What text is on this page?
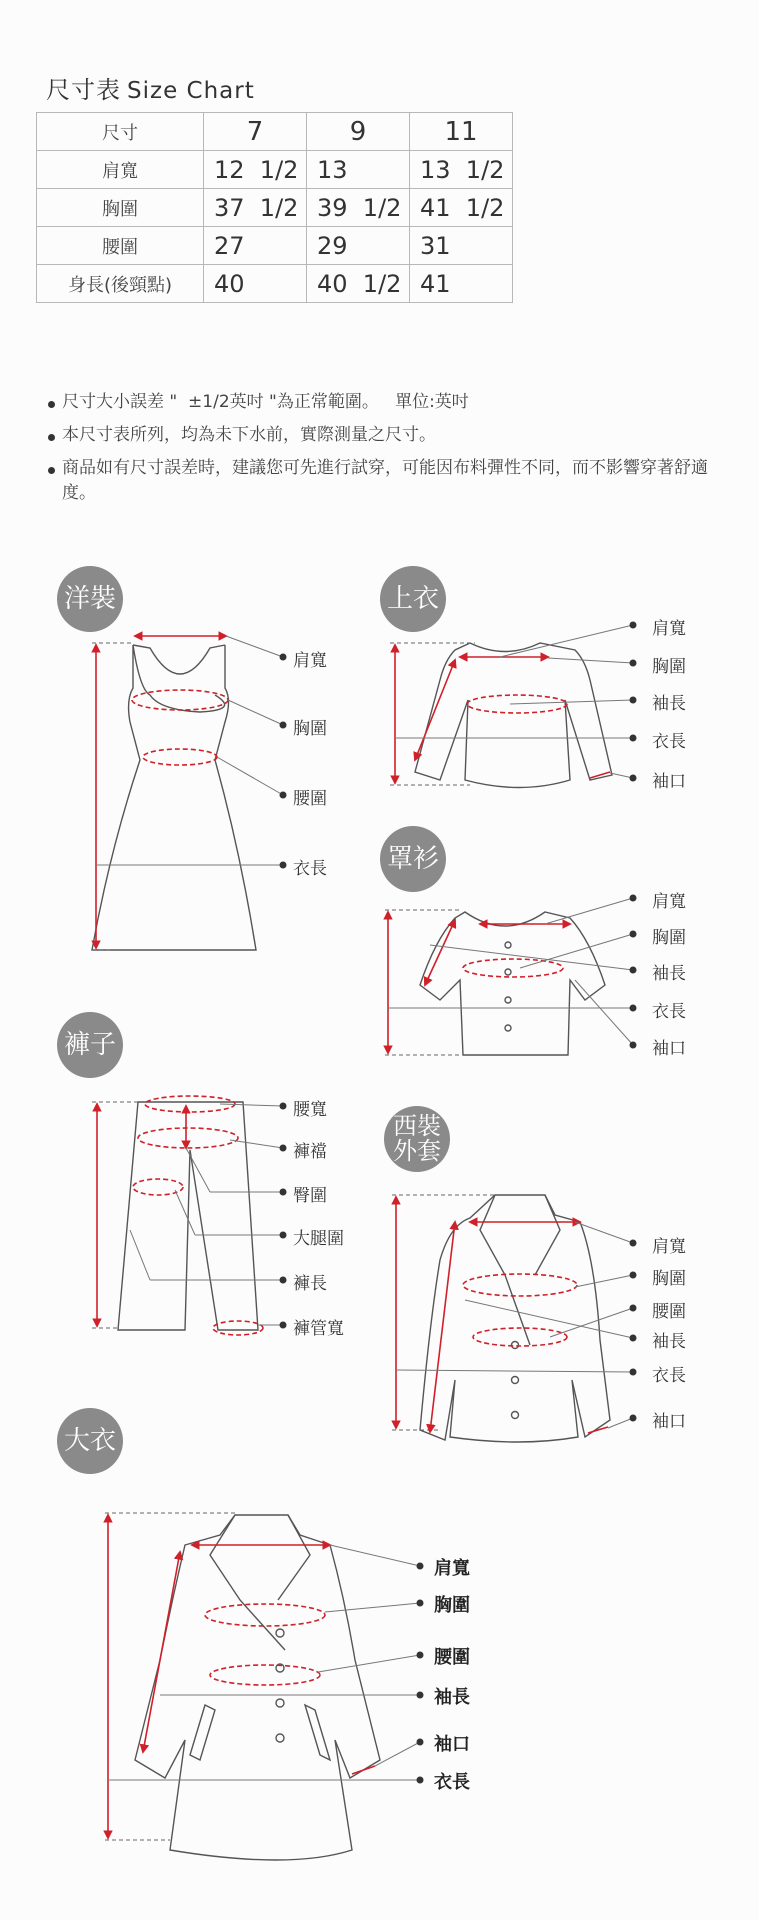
尺寸表 Size Chart
尺寸	7	9	11
肩寬	12  1/2	13	13  1/2
胸圍	37  1/2	39  1/2	41  1/2
腰圍	27	29	31
身長(後頸點)	40	40  1/2	41
尺寸大小誤差 "  ±1/2英吋 "為正常範圍。   單位:英吋
本尺寸表所列，均為未下水前，實際測量之尺寸。
商品如有尺寸誤差時，建議您可先進行試穿，可能因布料彈性不同，而不影響穿著舒適度。
洋裝	上衣
罩衫
褲子
西裝
外套
大衣
肩寬
胸圍
腰圍
衣長
肩寬
胸圍
袖長
衣長
袖口
肩寬
胸圍
袖長
衣長
袖口
腰寬
褲襠
臀圍
大腿圍
褲長
褲管寬
肩寬
胸圍
腰圍
袖長
衣長
袖口
肩寬
胸圍
腰圍
袖長
袖口
衣長
